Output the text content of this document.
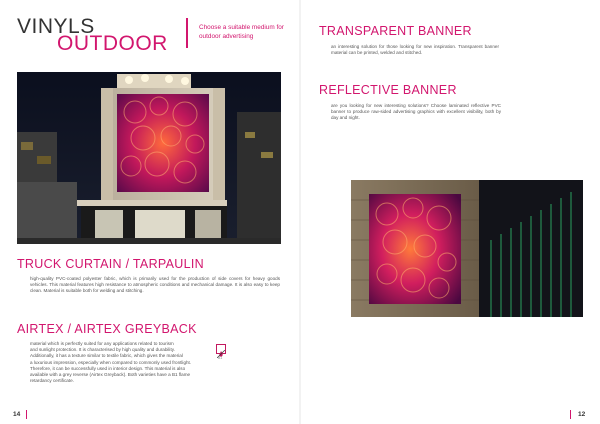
VINYLS
OUTDOOR
Choose a suitable medium for outdoor advertising
TRUCK CURTAIN / TARPAULIN
high-quality PVC-coated polyester fabric, which is primarily used for the production of side covers for heavy goods vehicles. This material features high resistance to atmospheric conditions and mechanical damage. It is also easy to keep clean. Material is suitable both for welding and stitching.
AIRTEX / AIRTEX GREYBACK

material which is perfectly suited for any applications related to tourism

and sunlight protection. It is characterised by high quality and durability.

Additionally, it has a texture similar to textile fabric, which gives the material

a luxurious impression, especially when compared to commonly used frontlight.

Therefore, it can be successfully used in interior design. This material is also

available with a grey reverse (Airtex Greyback). Both varieties have a B1 flame

retardancy certificate.

B1
14
TRANSPARENT BANNER
an interesting solution for those looking for new inspiration. Transparent banner material can be printed, welded and stitched.
REFLECTIVE BANNER
are you looking for new interesting solutions? Choose laminated reflective PVC banner to produce raw-sided advertising graphics with excellent visibility, both by day and night.
12
